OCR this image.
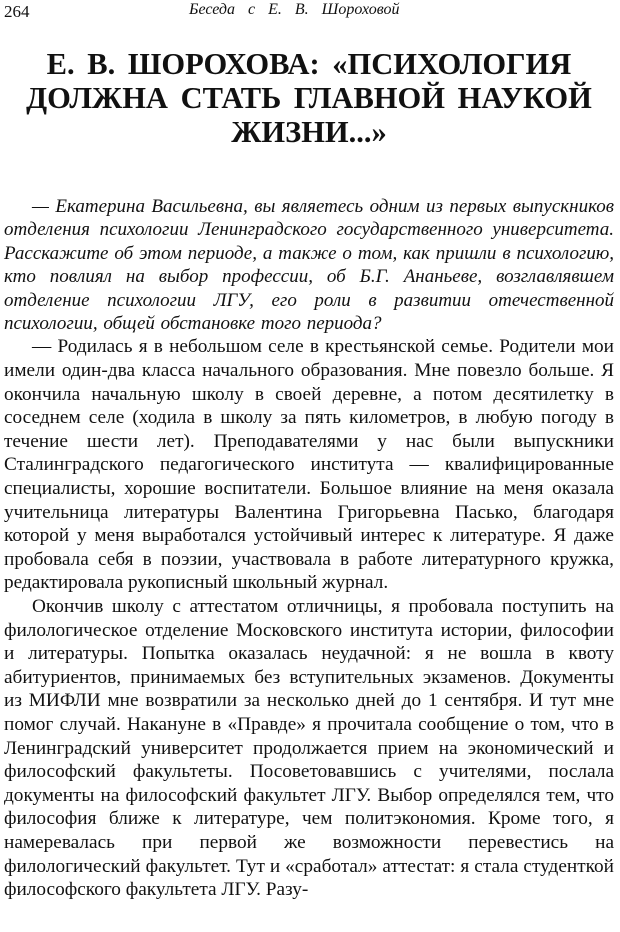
264	Беседа с Е. В. Шороховой
Е. В. ШОРОХОВА: «ПСИХОЛОГИЯ ДОЛЖНА СТАТЬ ГЛАВНОЙ НАУКОЙ ЖИЗНИ...»

— Екатерина Васильевна, вы являетесь одним из первых выпускников отделения психологии Ленинградского государственного университета. Расскажите об этом периоде, а также о том, как пришли в психологию, кто повлиял на выбор профессии, об Б.Г. Ананьеве, возглавлявшем отделение психологии ЛГУ, его роли в развитии отечественной психологии, общей обстановке того периода?

— Родилась я в небольшом селе в крестьянской семье. Родители мои имели один-два класса начального образования. Мне повезло больше. Я окончила начальную школу в своей деревне, а потом десятилетку в соседнем селе (ходила в школу за пять километров, в любую погоду в течение шести лет). Преподавателями у нас были выпускники Сталинградского педагогического института — квалифицированные специалисты, хорошие воспитатели. Большое влияние на меня оказала учительница литературы Валентина Григорьевна Пасько, благодаря которой у меня выработался устойчивый интерес к литературе. Я даже пробовала себя в поэзии, участвовала в работе литературного кружка, редактировала рукописный школьный журнал.

Окончив школу с аттестатом отличницы, я пробовала поступить на филологическое отделение Московского института истории, философии и литературы. Попытка оказалась неудачной: я не вошла в квоту абитуриентов, принимаемых без вступительных экзаменов. Документы из МИФЛИ мне возвратили за несколько дней до 1 сентября. И тут мне помог случай. Накануне в «Правде» я прочитала сообщение о том, что в Ленинградский университет продолжается прием на экономический и философский факультеты. Посоветовавшись с учителями, послала документы на философский факультет ЛГУ. Выбор определялся тем, что философия ближе к литературе, чем политэкономия. Кроме того, я намеревалась при первой же возможности перевестись на филологический факультет. Тут и «сработал» аттестат: я стала студенткой философского факультета ЛГУ. Разу-
